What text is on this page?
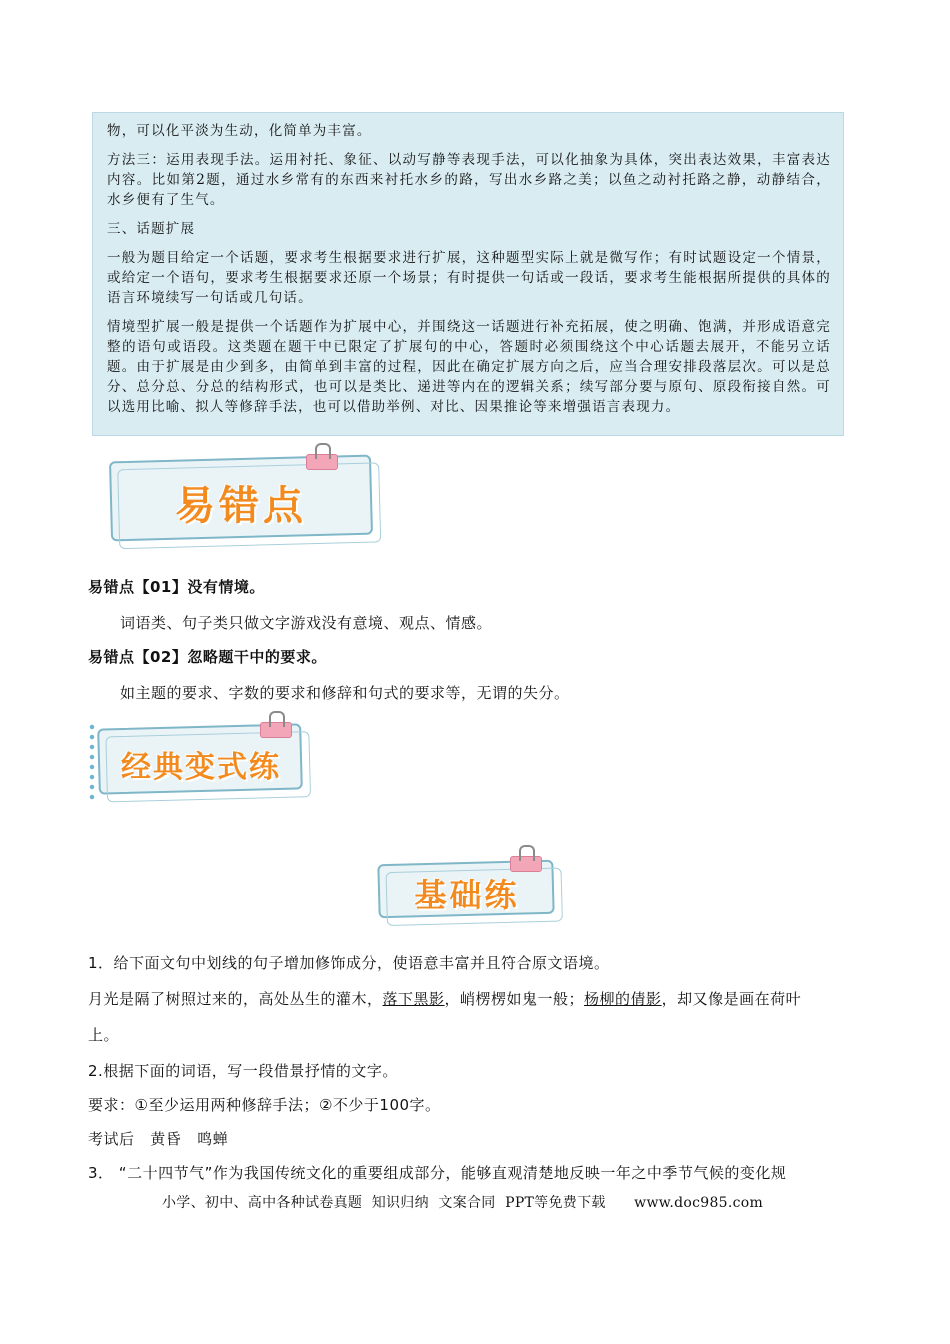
物，可以化平淡为生动，化简单为丰富。

方法三：运用表现手法。运用衬托、象征、以动写静等表现手法，可以化抽象为具体，突出表达效果，丰富表达内容。比如第2题，通过水乡常有的东西来衬托水乡的路，写出水乡路之美；以鱼之动衬托路之静，动静结合，水乡便有了生气。

三、话题扩展

一般为题目给定一个话题，要求考生根据要求进行扩展，这种题型实际上就是微写作；有时试题设定一个情景，或给定一个语句，要求考生根据要求还原一个场景；有时提供一句话或一段话，要求考生能根据所提供的具体的语言环境续写一句话或几句话。

情境型扩展一般是提供一个话题作为扩展中心，并围绕这一话题进行补充拓展，使之明确、饱满，并形成语意完整的语句或语段。这类题在题干中已限定了扩展句的中心，答题时必须围绕这个中心话题去展开，不能另立话题。由于扩展是由少到多，由简单到丰富的过程，因此在确定扩展方向之后，应当合理安排段落层次。可以是总分、总分总、分总的结构形式，也可以是类比、递进等内在的逻辑关系；续写部分要与原句、原段衔接自然。可以选用比喻、拟人等修辞手法，也可以借助举例、对比、因果推论等来增强语言表现力。

易错点
易错点【01】没有情境。
词语类、句子类只做文字游戏没有意境、观点、情感。
易错点【02】忽略题干中的要求。
如主题的要求、字数的要求和修辞和句式的要求等，无谓的失分。
经典变式练
基础练
1．给下面文句中划线的句子增加修饰成分，使语意丰富并且符合原文语境。
月光是隔了树照过来的，高处丛生的灌木，落下黑影，峭楞楞如鬼一般；杨柳的倩影，却又像是画在荷叶
上。
2.根据下面的词语，写一段借景抒情的文字。
要求：①至少运用两种修辞手法；②不少于100字。
考试后   黄昏   鸣蝉
3． “二十四节气”作为我国传统文化的重要组成部分，能够直观清楚地反映一年之中季节气候的变化规
小学、初中、高中各种试卷真题  知识归纳  文案合同  PPT等免费下载      www.doc985.com
